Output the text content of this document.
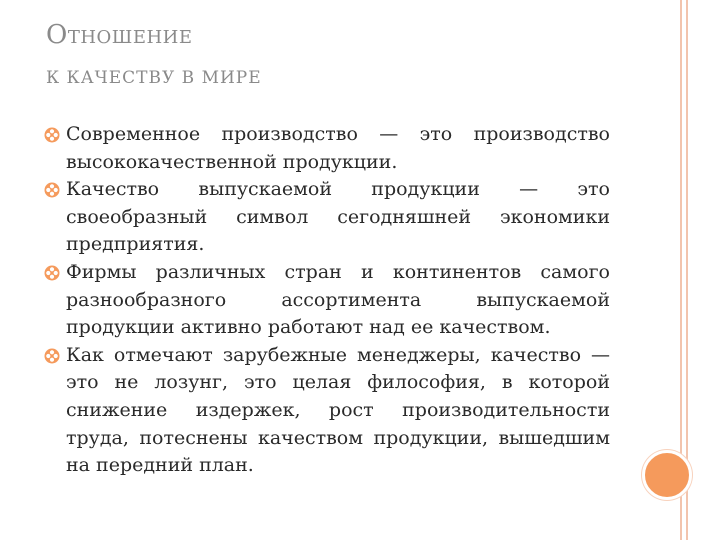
ОТНОШЕНИЕ
К КАЧЕСТВУ В МИРЕ
Современное производство — это производство высококачественной продукции.
Качество выпускаемой продукции — это своеобразный символ сегодняшней экономики предприятия.
Фирмы различных стран и континентов самого разнообразного ассортимента выпускаемой продукции активно работают над ее качеством.
Как отмечают зарубежные менеджеры, качество — это не лозунг, это целая философия, в которой снижение издержек, рост производительности труда, потеснены качеством продукции, вышедшим на передний план.
